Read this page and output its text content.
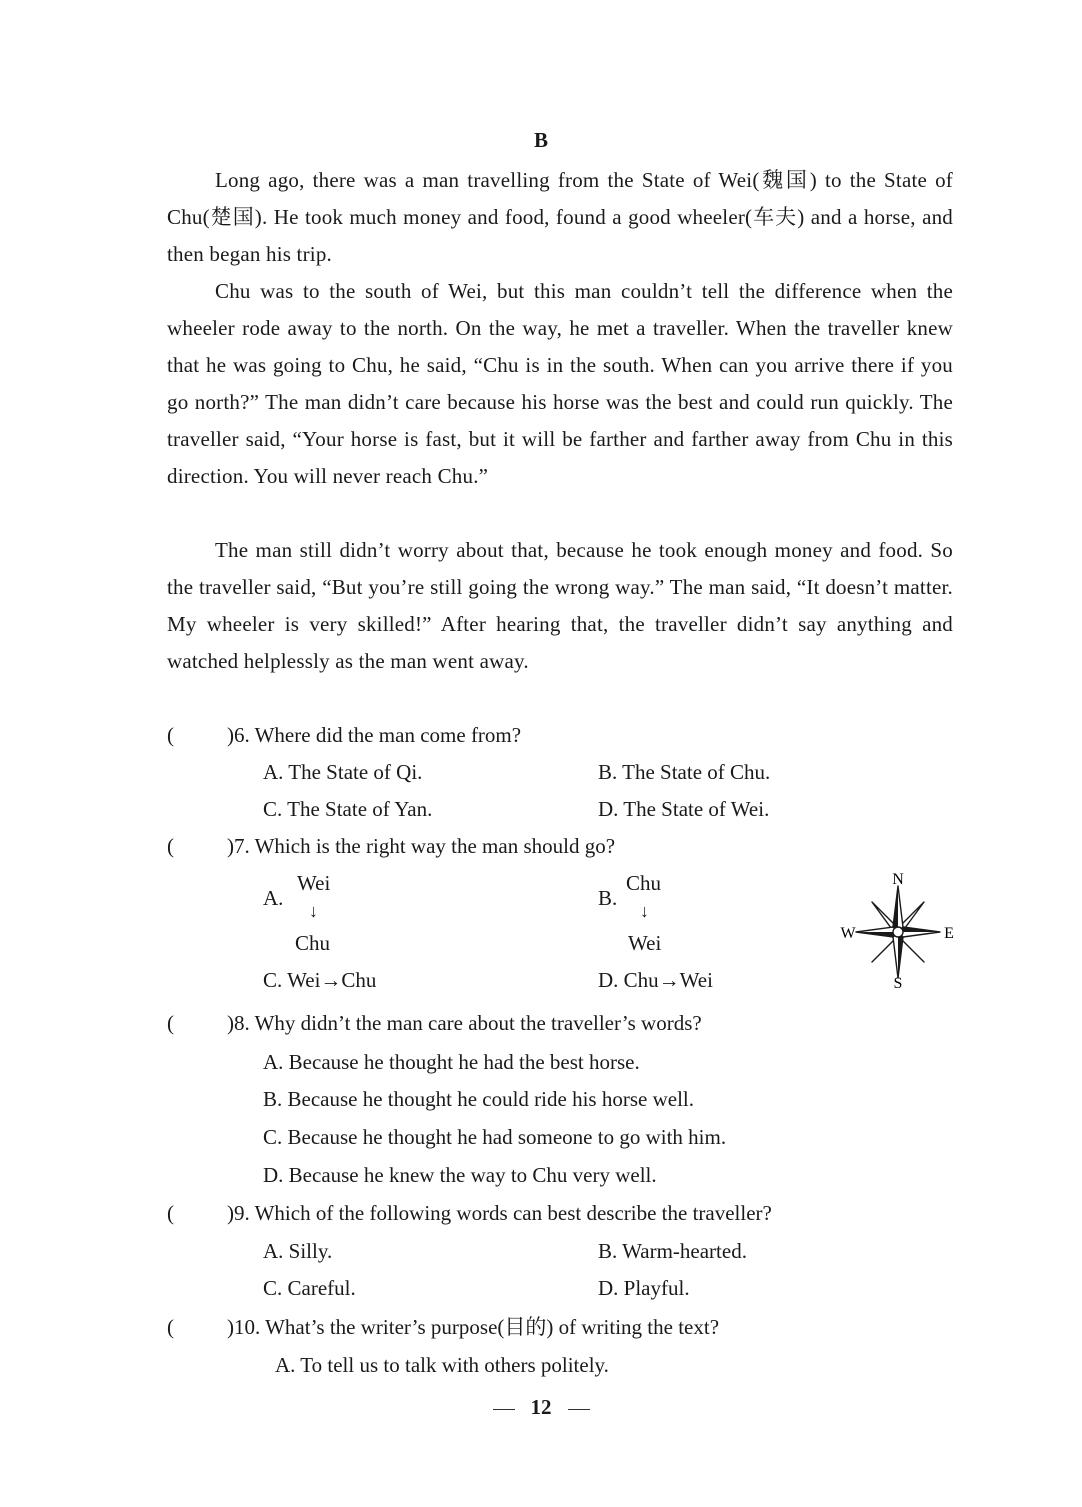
B

Long ago, there was a man travelling from the State of Wei(魏国) to the State of Chu(楚国). He took much money and food, found a good wheeler(车夫) and a horse, and then began his trip.

Chu was to the south of Wei, but this man couldn’t tell the difference when the wheeler rode away to the north. On the way, he met a traveller. When the traveller knew that he was going to Chu, he said, “Chu is in the south. When can you arrive there if you go north?” The man didn’t care because his horse was the best and could run quickly. The traveller said, “Your horse is fast, but it will be farther and farther away from Chu in this direction. You will never reach Chu.”

The man still didn’t worry about that, because he took enough money and food. So the traveller said, “But you’re still going the wrong way.” The man said, “It doesn’t matter. My wheeler is very skilled!” After hearing that, the traveller didn’t say anything and watched helplessly as the man went away.

(	)6. Where did the man come from?
A. The State of Qi.	B. The State of Chu.
C. The State of Yan.	D. The State of Wei.
(	)7. Which is the right way the man should go?
A.
Wei
↓
Chu
B.
Chu
↓
Wei
C. Wei→Chu	D. Chu→Wei
N
S
E
W
(	)8. Why didn’t the man care about the traveller’s words?
A. Because he thought he had the best horse.
B. Because he thought he could ride his horse well.
C. Because he thought he had someone to go with him.
D. Because he knew the way to Chu very well.
(	)9. Which of the following words can best describe the traveller?
A. Silly.	B. Warm-hearted.
C. Careful.	D. Playful.
(	)10. What’s the writer’s purpose(目的) of writing the text?
A. To tell us to talk with others politely.
12
